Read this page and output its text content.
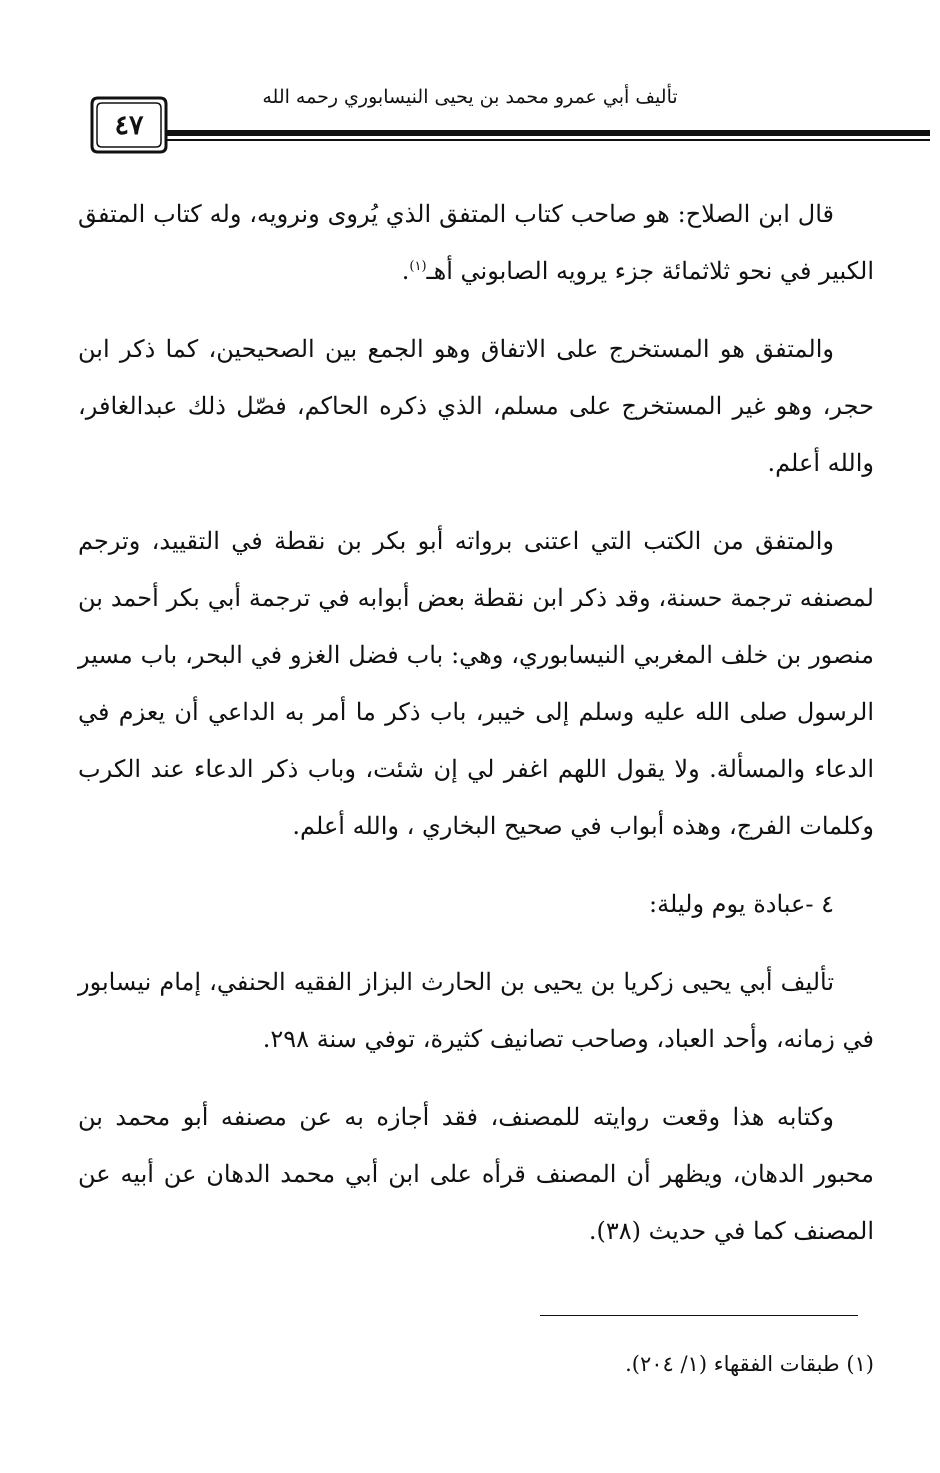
تأليف أبي عمرو محمد بن يحيى النيسابوري رحمه الله
٤٧

قال ابن الصلاح: هو صاحب كتاب المتفق الذي يُروى ونرويه، وله كتاب المتفق الكبير في نحو ثلاثمائة جزء يرويه الصابوني أهـ$^{(١)}$.

والمتفق هو المستخرج على الاتفاق وهو الجمع بين الصحيحين، كما ذكر ابن حجر، وهو غير المستخرج على مسلم، الذي ذكره الحاكم، فصّل ذلك عبدالغافر، والله أعلم.

والمتفق من الكتب التي اعتنى برواته أبو بكر بن نقطة في التقييد، وترجم لمصنفه ترجمة حسنة، وقد ذكر ابن نقطة بعض أبوابه في ترجمة أبي بكر أحمد بن منصور بن خلف المغربي النيسابوري، وهي: باب فضل الغزو في البحر، باب مسير الرسول صلى الله عليه وسلم إلى خيبر، باب ذكر ما أمر به الداعي أن يعزم في الدعاء والمسألة. ولا يقول اللهم اغفر لي إن شئت، وباب ذكر الدعاء عند الكرب وكلمات الفرج، وهذه أبواب في صحيح البخاري ، والله أعلم.

٤ -عبادة يوم وليلة:

تأليف أبي يحيى زكريا بن يحيى بن الحارث البزاز الفقيه الحنفي، إمام نيسابور في زمانه، وأحد العباد، وصاحب تصانيف كثيرة، توفي سنة ٢٩٨.

وكتابه هذا وقعت روايته للمصنف، فقد أجازه به عن مصنفه أبو محمد بن محبور الدهان، ويظهر أن المصنف قرأه على ابن أبي محمد الدهان عن أبيه عن المصنف كما في حديث (٣٨).

(١) طبقات الفقهاء (١/ ٢٠٤).
